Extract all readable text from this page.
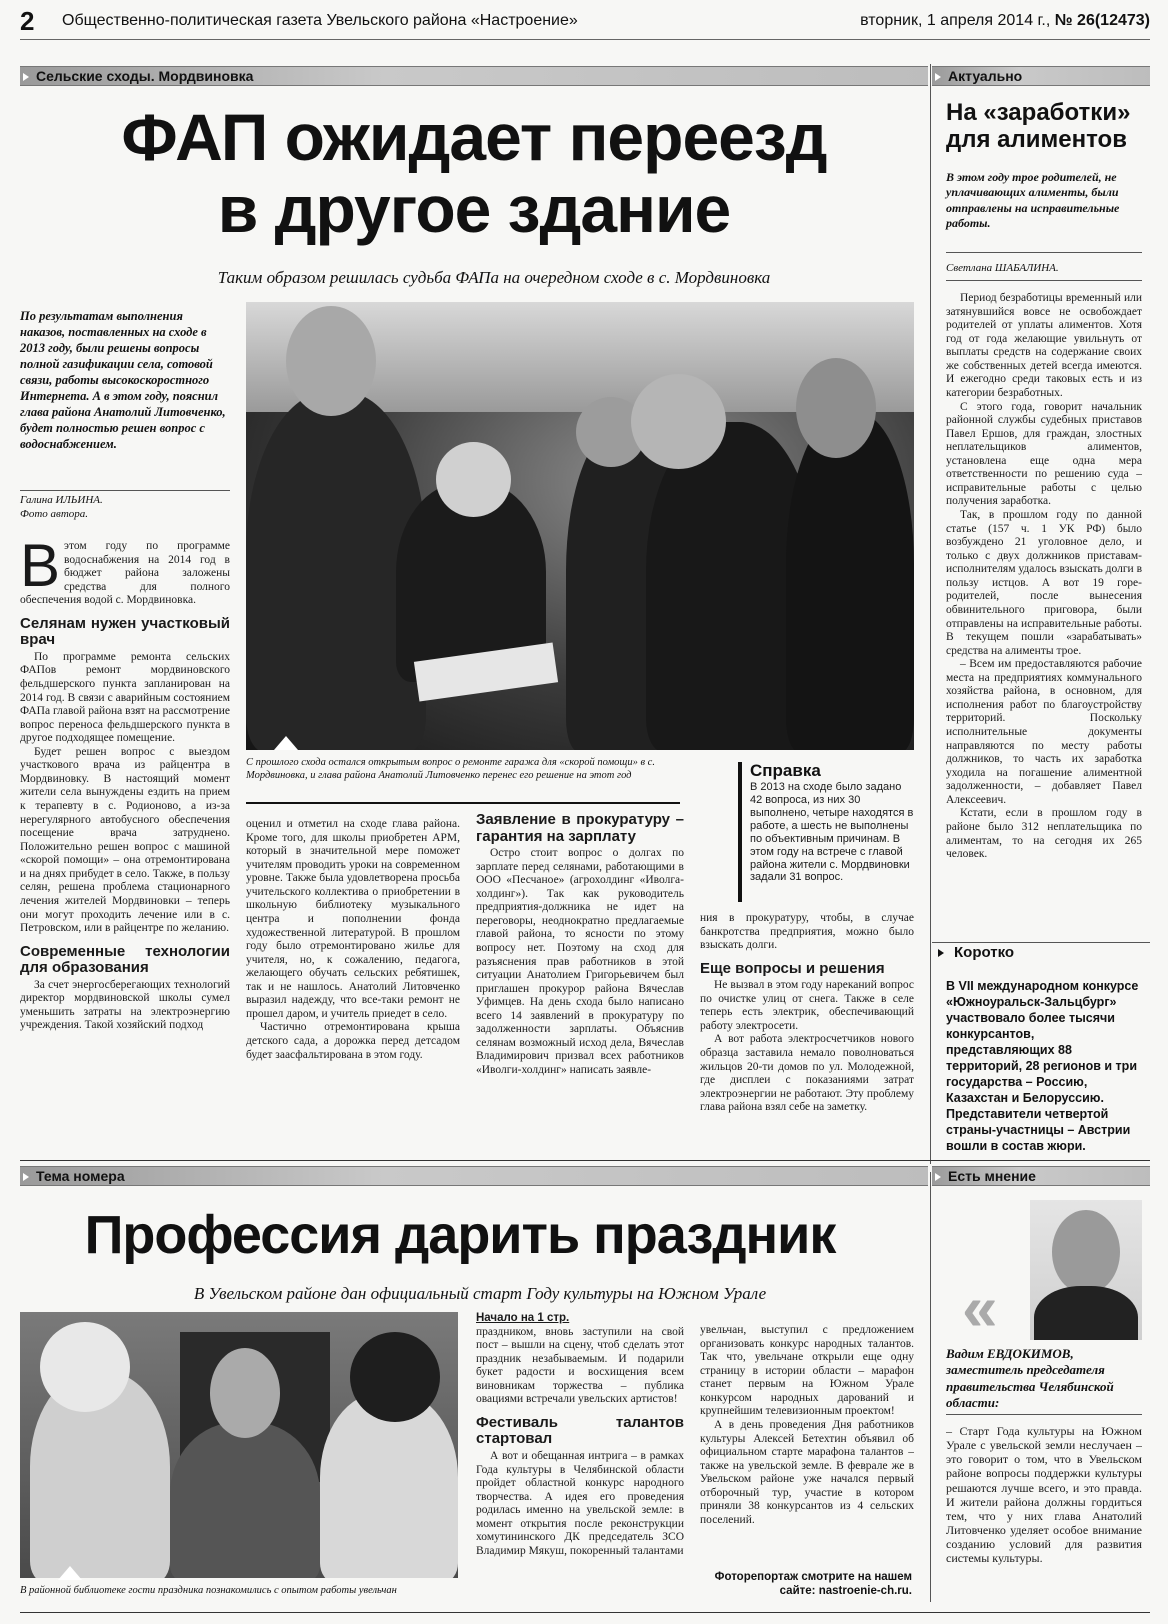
2 Общественно-политическая газета Увельского района «Настроение»	вторник, 1 апреля 2014 г., № 26(12473)
Сельские сходы. Мордвиновка	Актуально
ФАП ожидает переезд
в другое здание
Таким образом решилась судьба ФАПа на очередном сходе в с. Мордвиновка
По результатам выполнения наказов, поставленных на сходе в 2013 году, были решены вопросы полной газификации села, сотовой связи, работы высокоскоростного Интернета. А в этом году, пояснил глава района Анатолий Литовченко, будет полностью решен вопрос с водоснабжением.
Галина ИЛЬИНА.
Фото автора.
С прошлого схода остался открытым вопрос о ремонте гаража для «скорой помощи» в с. Мордвиновка, и глава района Анатолий Литовченко перенес его решение на этот год
Вэтом году по программе водоснабжения на 2014 год в бюджет района заложены средства для полного обеспечения водой с. Мордвиновка.
Селянам нужен участковый врач

По программе ремонта сельских ФАПов ремонт мордвиновского фельдшерского пункта запланирован на 2014 год. В связи с аварийным состоянием ФАПа главой района взят на рассмотрение вопрос переноса фельдшерского пункта в другое подходящее помещение.

Будет решен вопрос с выездом участкового врача из райцентра в Мордвиновку. В настоящий момент жители села вынуждены ездить на прием к терапевту в с. Родионово, а из-за нерегулярного автобусного обеспечения посещение врача затруднено. Положительно решен вопрос с машиной «скорой помощи» – она отремонтирована и на днях прибудет в село. Также, в пользу селян, решена проблема стационарного лечения жителей Мордвиновки – теперь они могут проходить лечение или в с. Петровском, или в райцентре по желанию.

Современные технологии для образования

За счет энергосберегающих технологий директор мордвиновской школы сумел уменьшить затраты на электроэнергию учреждения. Такой хозяйский подход

оценил и отметил на сходе глава района. Кроме того, для школы приобретен АРМ, который в значительной мере поможет учителям проводить уроки на современном уровне. Также была удовлетворена просьба учительского коллектива о приобретении в школьную библиотеку музыкального центра и пополнении фонда художественной литературой. В прошлом году было отремонтировано жилье для учителя, но, к сожалению, педагога, желающего обучать сельских ребятишек, так и не нашлось. Анатолий Литовченко выразил надежду, что все-таки ремонт не прошел даром, и учитель приедет в село.

Частично отремонтирована крыша детского сада, а дорожка перед детсадом будет заасфальтирована в этом году.

Заявление в прокуратуру – гарантия на зарплату

Остро стоит вопрос о долгах по зарплате перед селянами, работающими в ООО «Песчаное» (агрохолдинг «Иволга-холдинг»). Так как руководитель предприятия-должника не идет на переговоры, неоднократно предлагаемые главой района, то ясности по этому вопросу нет. Поэтому на сход для разъяснения прав работников в этой ситуации Анатолием Григорьевичем был приглашен прокурор района Вячеслав Уфимцев. На день схода было написано всего 14 заявлений в прокуратуру по задолженности зарплаты. Объяснив селянам возможный исход дела, Вячеслав Владимирович призвал всех работников «Иволги-холдинг» написать заявле-

Справка
В 2013 на сходе было задано 42 вопроса, из них 30 выполнено, четыре находятся в работе, а шесть не выполнены по объективным причинам. В этом году на встрече с главой района жители с. Мордвиновки задали 31 вопрос.

ния в прокуратуру, чтобы, в случае банкротства предприятия, можно было взыскать долги.

Еще вопросы и решения

Не вызвал в этом году нареканий вопрос по очистке улиц от снега. Также в селе теперь есть электрик, обеспечивающий работу электросети.

А вот работа электросчетчиков нового образца заставила немало поволноваться жильцов 20-ти домов по ул. Молодежной, где дисплеи с показаниями затрат электроэнергии не работают. Эту проблему глава района взял себе на заметку.

На «заработки»
для алиментов
В этом году трое родителей, не уплачивающих алименты, были отправлены на исправительные работы.
Светлана ШАБАЛИНА.

Период безработицы временный или затянувшийся вовсе не освобождает родителей от уплаты алиментов. Хотя год от года желающие увильнуть от выплаты средств на содержание своих же собственных детей всегда имеются. И ежегодно среди таковых есть и из категории безработных.

С этого года, говорит начальник районной службы судебных приставов Павел Ершов, для граждан, злостных неплательщиков алиментов, установлена еще одна мера ответственности по решению суда – исправительные работы с целью получения заработка.

Так, в прошлом году по данной статье (157 ч. 1 УК РФ) было возбуждено 21 уголовное дело, и только с двух должников приставам-исполнителям удалось взыскать долги в пользу истцов. А вот 19 горе-родителей, после вынесения обвинительного приговора, были отправлены на исправительные работы. В текущем пошли «зарабатывать» средства на алименты трое.

– Всем им предоставляются рабочие места на предприятиях коммунального хозяйства района, в основном, для исполнения работ по благоустройству территорий. Поскольку исполнительные документы направляются по месту работы должников, то часть их заработка уходила на погашение алиментной задолженности, – добавляет Павел Алексеевич.

Кстати, если в прошлом году в районе было 312 неплательщика по алиментам, то на сегодня их 265 человек.

Коротко
В VII международном конкурсе «Южноуральск-Зальцбург» участвовало более тысячи конкурсантов, представляющих 88 территорий, 28 регионов и три государства – Россию, Казахстан и Белоруссию. Представители четвертой страны-участницы – Австрии вошли в состав жюри.
Тема номера
Профессия дарить праздник
В Увельском районе дан официальный старт Году культуры на Южном Урале
В районной библиотеке гости праздника познакомились с опытом работы увельчан
Начало на 1 стр.

праздником, вновь заступили на свой пост – вышли на сцену, чтоб сделать этот праздник незабываемым. И подарили букет радости и восхищения всем виновникам торжества – публика овациями встречали увельских артистов!

Фестиваль талантов стартовал

А вот и обещанная интрига – в рамках Года культуры в Челябинской области пройдет областной конкурс народного творчества. А идея его проведения родилась именно на увельской земле: в момент открытия после реконструкции хомутининского ДК председатель ЗСО Владимир Мякуш, покоренный талантами

увельчан, выступил с предложением организовать конкурс народных талантов. Так что, увельчане открыли еще одну страницу в истории области – марафон станет первым на Южном Урале конкурсом народных дарований и крупнейшим телевизионным проектом!

А в день проведения Дня работников культуры Алексей Бетехтин объявил об официальном старте марафона талантов – также на увельской земле. В феврале же в Увельском районе уже начался первый отборочный тур, участие в котором приняли 38 конкурсантов из 4 сельских поселений.

Фоторепортаж смотрите на нашем сайте: nastroenie-ch.ru.
Есть мнение
«
Вадим ЕВДОКИМОВ,
заместитель председателя правительства Челябинской области:
– Старт Года культуры на Южном Урале с увельской земли неслучаен – это говорит о том, что в Увельском районе вопросы поддержки культуры решаются лучше всего, и это правда. И жители района должны гордиться тем, что у них глава Анатолий Литовченко уделяет особое внимание созданию условий для развития системы культуры.
